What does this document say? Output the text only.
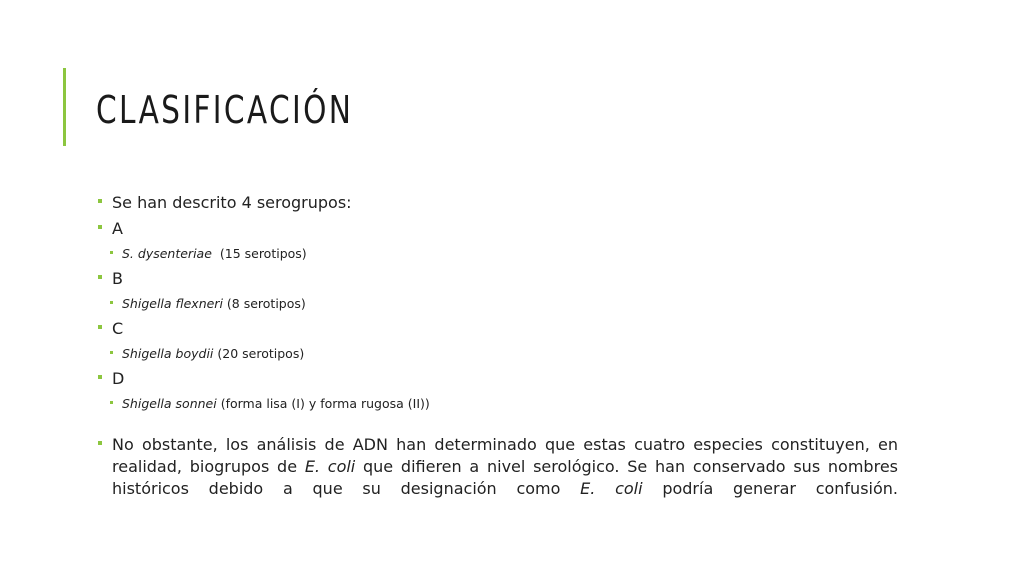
CLASIFICACIÓN
Se han descrito 4 serogrupos:
A
S. dysenteriae (15 serotipos)
B
Shigella flexneri (8 serotipos)
C
Shigella boydii (20 serotipos)
D
Shigella sonnei (forma lisa (I) y forma rugosa (II))
No obstante, los análisis de ADN han determinado que estas cuatro especies constituyen, en realidad, biogrupos de E. coli que difieren a nivel serológico. Se han conservado sus nombres históricos debido a que su designación como E. coli podría generar confusión.
